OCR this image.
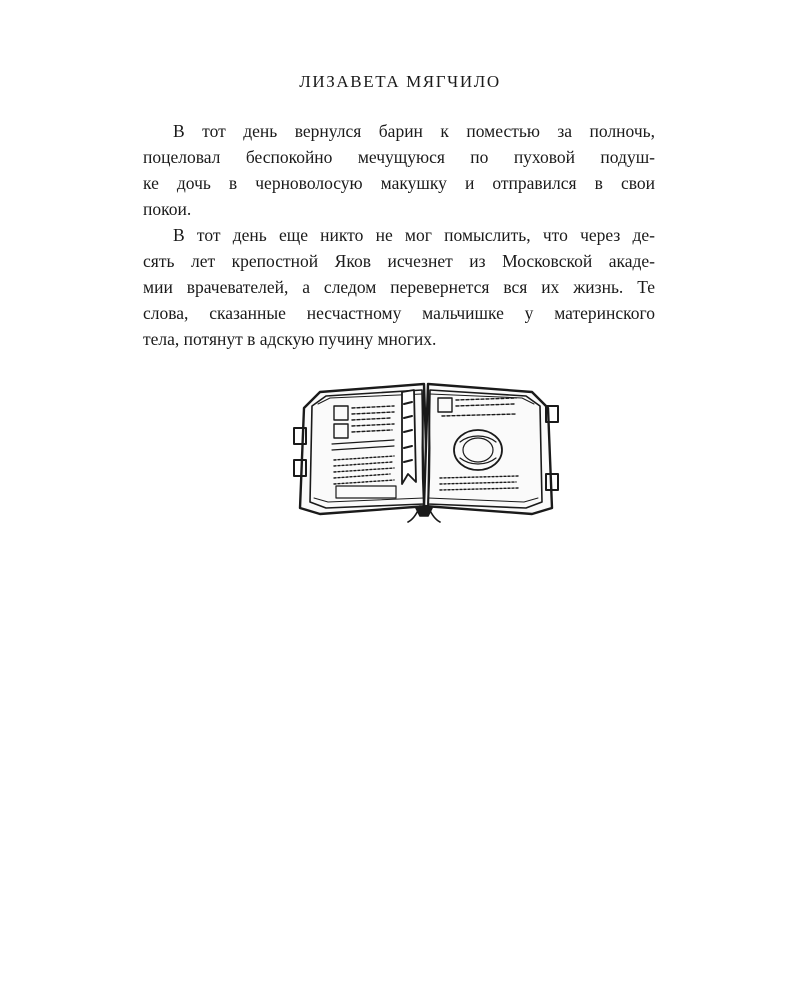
ЛИЗАВЕТА МЯГЧИЛО

В тот день вернулся барин к поместью за полночь,
поцеловал беспокойно мечущуюся по пуховой подуш-
ке дочь в черноволосую макушку и отправился в свои
покои.

В тот день еще никто не мог помыслить, что через де-
сять лет крепостной Яков исчезнет из Московской акаде-
мии врачевателей, а следом перевернется вся их жизнь. Те
слова, сказанные несчастному мальчишке у материнского
тела, потянут в адскую пучину многих.
